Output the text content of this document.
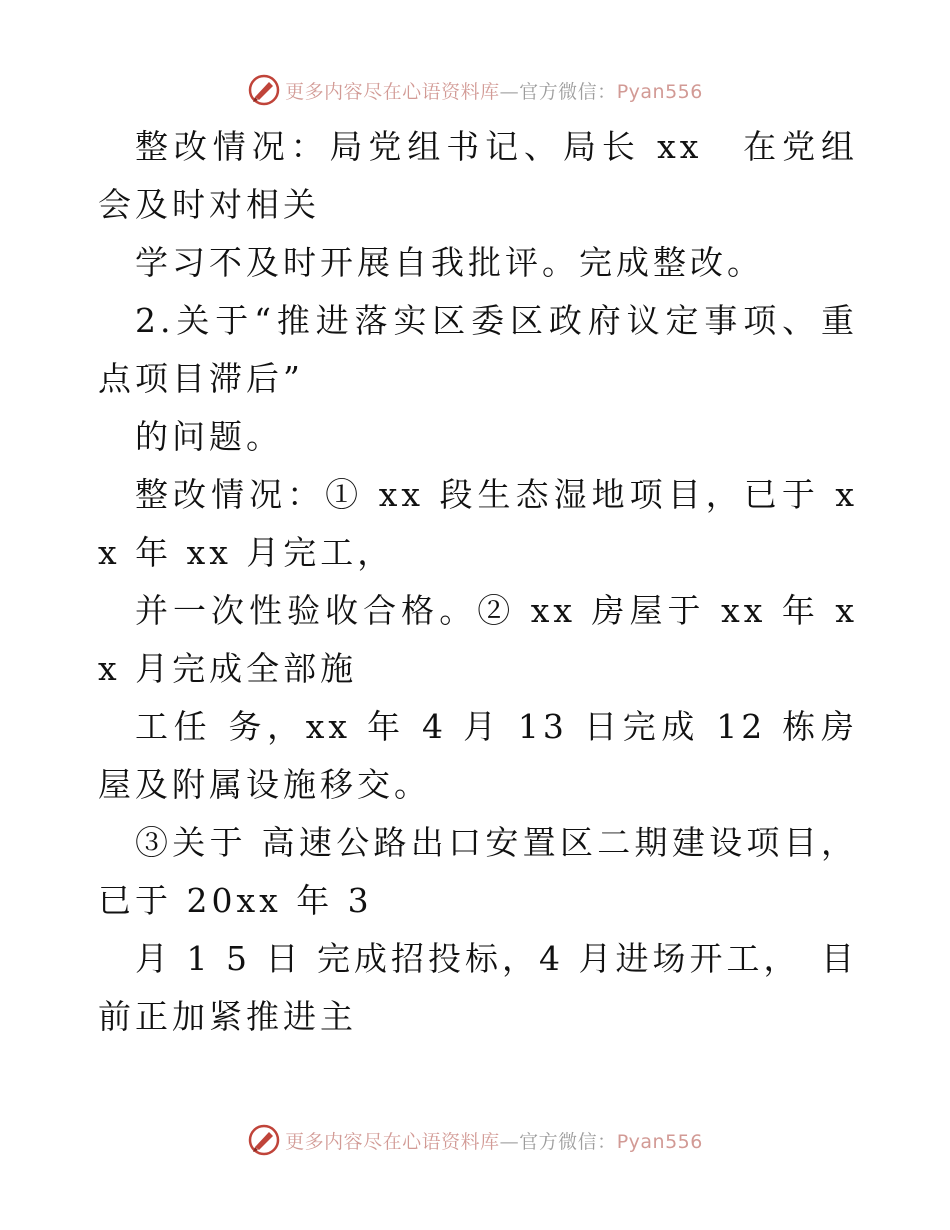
更多内容尽在心语资料库—官方微信：Pyan556

整改情况：局党组书记、局长 xx　在党组会及时对相关

学习不及时开展自我批评。完成整改。

2.关于“推进落实区委区政府议定事项、重点项目滞后”

的问题。

整改情况：① xx 段生态湿地项目，已于 xx 年 xx 月完工，

并一次性验收合格。② xx 房屋于 xx 年 xx 月完成全部施

工任 务，xx 年 4 月 13 日完成 12 栋房屋及附属设施移交。

③关于 高速公路出口安置区二期建设项目，已于 20xx 年 3

月 1 5 日 完成招投标，4 月进场开工，　目前正加紧推进主

更多内容尽在心语资料库—官方微信：Pyan556
